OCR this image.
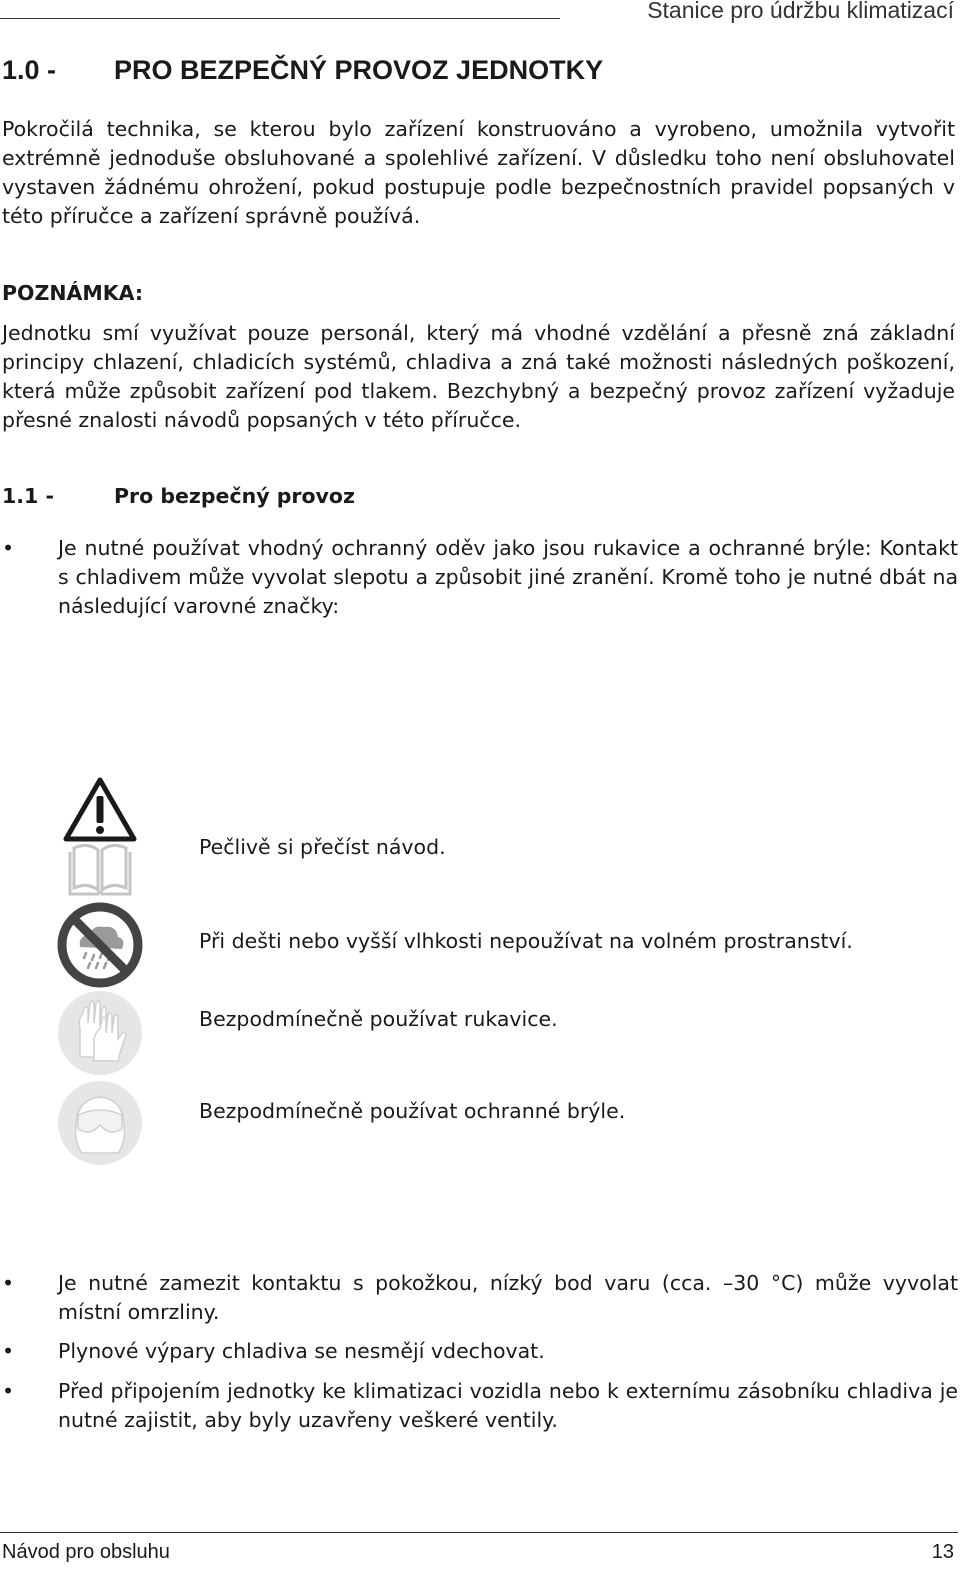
Stanice pro údržbu klimatizací
1.0 - PRO BEZPEČNÝ PROVOZ JEDNOTKY
Pokročilá technika, se kterou bylo zařízení konstruováno a vyrobeno, umožnila vytvořit extrémně jednoduše obsluhované a spolehlivé zařízení. V důsledku toho není obsluhovatel vystaven žádnému ohrožení, pokud postupuje podle bezpečnostních pravidel popsaných v této příručce a zařízení správně používá.
POZNÁMKA:
Jednotku smí využívat pouze personál, který má vhodné vzdělání a přesně zná základní principy chlazení, chladicích systémů, chladiva a zná také možnosti následných poškození, která může způsobit zařízení pod tlakem. Bezchybný a bezpečný provoz zařízení vyžaduje přesné znalosti návodů popsaných v této příručce.
1.1 -	Pro bezpečný provoz
• Je nutné používat vhodný ochranný oděv jako jsou rukavice a ochranné brýle: Kontakt s chladivem může vyvolat slepotu a způsobit jiné zranění. Kromě toho je nutné dbát na následující varovné značky:
Pečlivě si přečíst návod.
Při dešti nebo vyšší vlhkosti nepoužívat na volném prostranství.
Bezpodmínečně používat rukavice.
Bezpodmínečně používat ochranné brýle.
• Je nutné zamezit kontaktu s pokožkou, nízký bod varu (cca. –30 °C) může vyvolat místní omrzliny.
• Plynové výpary chladiva se nesmějí vdechovat.
• Před připojením jednotky ke klimatizaci vozidla nebo k externímu zásobníku chladiva je nutné zajistit, aby byly uzavřeny veškeré ventily.
Návod pro obsluhu	13
